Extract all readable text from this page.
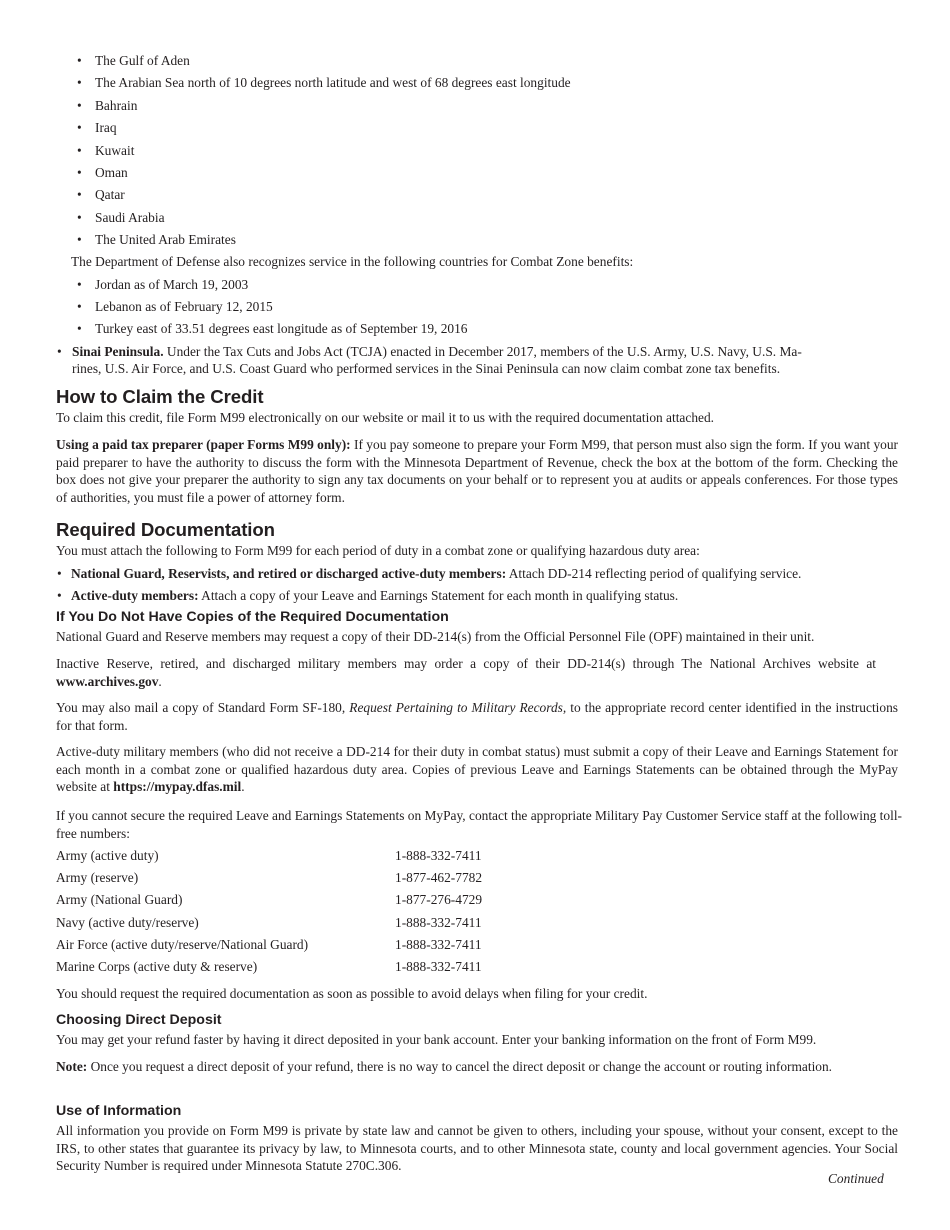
• The Gulf of Aden
• The Arabian Sea north of 10 degrees north latitude and west of 68 degrees east longitude
• Bahrain
• Iraq
• Kuwait
• Oman
• Qatar
• Saudi Arabia
• The United Arab Emirates
The Department of Defense also recognizes service in the following countries for Combat Zone benefits:
• Jordan as of March 19, 2003
• Lebanon as of February 12, 2015
• Turkey east of 33.51 degrees east longitude as of September 19, 2016
• Sinai Peninsula. Under the Tax Cuts and Jobs Act (TCJA) enacted in December 2017, members of the U.S. Army, U.S. Navy, U.S. Ma-
rines, U.S. Air Force, and U.S. Coast Guard who performed services in the Sinai Peninsula can now claim combat zone tax benefits.
How to Claim the Credit
To claim this credit, file Form M99 electronically on our website or mail it to us with the required documentation attached.

Using a paid tax preparer (paper Forms M99 only): If you pay someone to prepare your Form M99, that person must also sign the form. If you want your paid preparer to have the authority to discuss the form with the Minnesota Department of Revenue, check the box at the bottom of the form. Checking the box does not give your preparer the authority to sign any tax documents on your behalf or to represent you at audits or appeals conferences. For those types of authorities, you must file a power of attorney form.

Required Documentation
You must attach the following to Form M99 for each period of duty in a combat zone or qualifying hazardous duty area:
• National Guard, Reservists, and retired or discharged active-duty members: Attach DD-214 reflecting period of qualifying service.
• Active-duty members: Attach a copy of your Leave and Earnings Statement for each month in qualifying status.
If You Do Not Have Copies of the Required Documentation
National Guard and Reserve members may request a copy of their DD-214(s) from the Official Personnel File (OPF) maintained in their unit.

Inactive Reserve, retired, and discharged military members may order a copy of their DD-214(s) through The National Archives website at www.archives.gov.

You may also mail a copy of Standard Form SF-180, Request Pertaining to Military Records, to the appropriate record center identified in the instructions for that form.

Active-duty military members (who did not receive a DD-214 for their duty in combat status) must submit a copy of their Leave and Earnings Statement for each month in a combat zone or qualified hazardous duty area. Copies of previous Leave and Earnings Statements can be obtained through the MyPay website at https://mypay.dfas.mil.

If you cannot secure the required Leave and Earnings Statements on MyPay, contact the appropriate Military Pay Customer Service staff at the following toll-free numbers:

Army (active duty)	1-888-332-7411
Army (reserve)	1-877-462-7782
Army (National Guard)	1-877-276-4729
Navy (active duty/reserve)	1-888-332-7411
Air Force (active duty/reserve/National Guard)	1-888-332-7411
Marine Corps (active duty & reserve)	1-888-332-7411
You should request the required documentation as soon as possible to avoid delays when filing for your credit.
Choosing Direct Deposit
You may get your refund faster by having it direct deposited in your bank account. Enter your banking information on the front of Form M99.

Note: Once you request a direct deposit of your refund, there is no way to cancel the direct deposit or change the account or routing information.

Use of Information

All information you provide on Form M99 is private by state law and cannot be given to others, including your spouse, without your consent, except to the IRS, to other states that guarantee its privacy by law, to Minnesota courts, and to other Minnesota state, county and local government agencies. Your Social Security Number is required under Minnesota Statute 270C.306.

Continued
